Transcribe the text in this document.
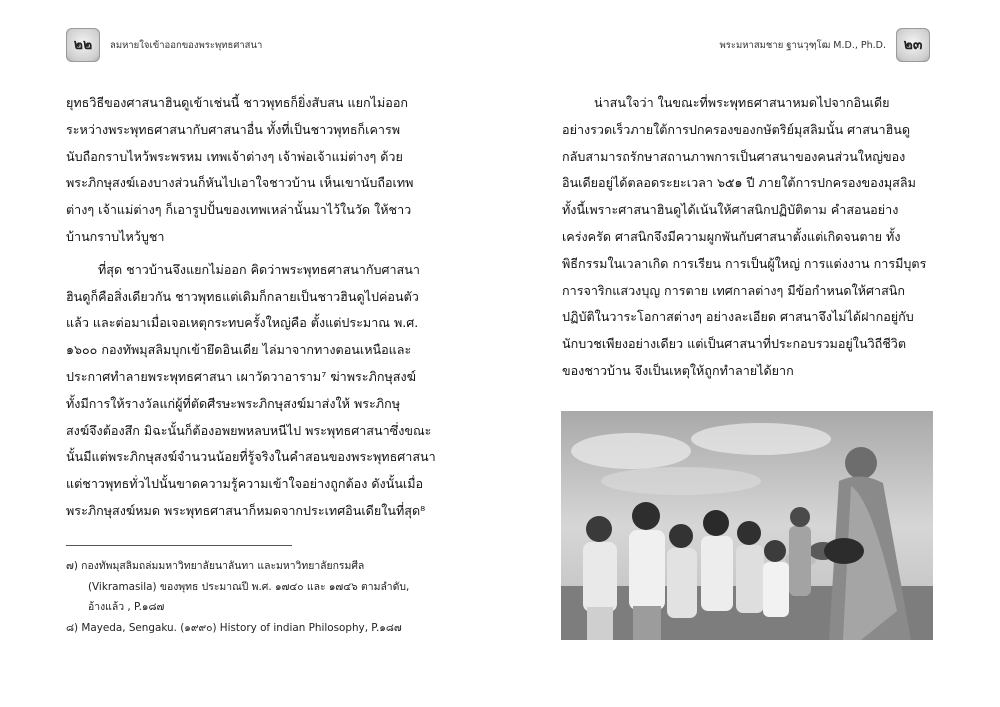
๒๒	ลมหายใจเข้าออกของพระพุทธศาสนา
ยุทธวิธีของศาสนาฮินดูเข้าเช่นนี้ ชาวพุทธก็ยิ่งสับสน แยกไม่ออก
ระหว่างพระพุทธศาสนากับศาสนาอื่น ทั้งที่เป็นชาวพุทธก็เคารพ
นับถือกราบไหว้พระพรหม เทพเจ้าต่างๆ เจ้าพ่อเจ้าแม่ต่างๆ ด้วย
พระภิกษุสงฆ์เองบางส่วนก็หันไปเอาใจชาวบ้าน เห็นเขานับถือเทพ
ต่างๆ เจ้าแม่ต่างๆ ก็เอารูปปั้นของเทพเหล่านั้นมาไว้ในวัด ให้ชาว
บ้านกราบไหว้บูชา
ที่สุด ชาวบ้านจึงแยกไม่ออก คิดว่าพระพุทธศาสนากับศาสนา
ฮินดูก็คือสิ่งเดียวกัน ชาวพุทธแต่เดิมก็กลายเป็นชาวฮินดูไปค่อนตัว
แล้ว และต่อมาเมื่อเจอเหตุกระทบครั้งใหญ่คือ ตั้งแต่ประมาณ พ.ศ.
๑๖๐๐ กองทัพมุสลิมบุกเข้ายึดอินเดีย ไล่มาจากทางตอนเหนือและ
ประกาศทำลายพระพุทธศาสนา เผาวัดวาอาราม⁷ ฆ่าพระภิกษุสงฆ์
ทั้งมีการให้รางวัลแก่ผู้ที่ตัดศีรษะพระภิกษุสงฆ์มาส่งให้ พระภิกษุ
สงฆ์จึงต้องสึก มิฉะนั้นก็ต้องอพยพหลบหนีไป พระพุทธศาสนาซึ่งขณะ
นั้นมีแต่พระภิกษุสงฆ์จำนวนน้อยที่รู้จริงในคำสอนของพระพุทธศาสนา
แต่ชาวพุทธทั่วไปนั้นขาดความรู้ความเข้าใจอย่างถูกต้อง ดังนั้นเมื่อ
พระภิกษุสงฆ์หมด พระพุทธศาสนาก็หมดจากประเทศอินเดียในที่สุด⁸
๗) กองทัพมุสลิมถล่มมหาวิทยาลัยนาลันทา และมหาวิทยาลัยกรมศีล
(Vikramasila) ของพุทธ ประมาณปี พ.ศ. ๑๗๔๐ และ ๑๗๔๖ ตามลำดับ,
อ้างแล้ว , P.๑๘๗
๘) Mayeda, Sengaku. (๑๙๙๐) History of indian Philosophy, P.๑๘๗
พระมหาสมชาย ฐานวุฑฺโฒ M.D., Ph.D.	๒๓
น่าสนใจว่า ในขณะที่พระพุทธศาสนาหมดไปจากอินเดีย
อย่างรวดเร็วภายใต้การปกครองของกษัตริย์มุสลิมนั้น ศาสนาฮินดู
กลับสามารถรักษาสถานภาพการเป็นศาสนาของคนส่วนใหญ่ของ
อินเดียอยู่ได้ตลอดระยะเวลา ๖๕๑ ปี ภายใต้การปกครองของมุสลิม
ทั้งนี้เพราะศาสนาฮินดูได้เน้นให้ศาสนิกปฏิบัติตาม คำสอนอย่าง
เคร่งครัด ศาสนิกจึงมีความผูกพันกับศาสนาตั้งแต่เกิดจนตาย ทั้ง
พิธีกรรมในเวลาเกิด การเรียน การเป็นผู้ใหญ่ การแต่งงาน การมีบุตร
การจาริกแสวงบุญ การตาย เทศกาลต่างๆ มีข้อกำหนดให้ศาสนิก
ปฏิบัติในวาระโอกาสต่างๆ อย่างละเอียด ศาสนาจึงไม่ได้ฝากอยู่กับ
นักบวชเพียงอย่างเดียว แต่เป็นศาสนาที่ประกอบรวมอยู่ในวิถีชีวิต
ของชาวบ้าน จึงเป็นเหตุให้ถูกทำลายได้ยาก
